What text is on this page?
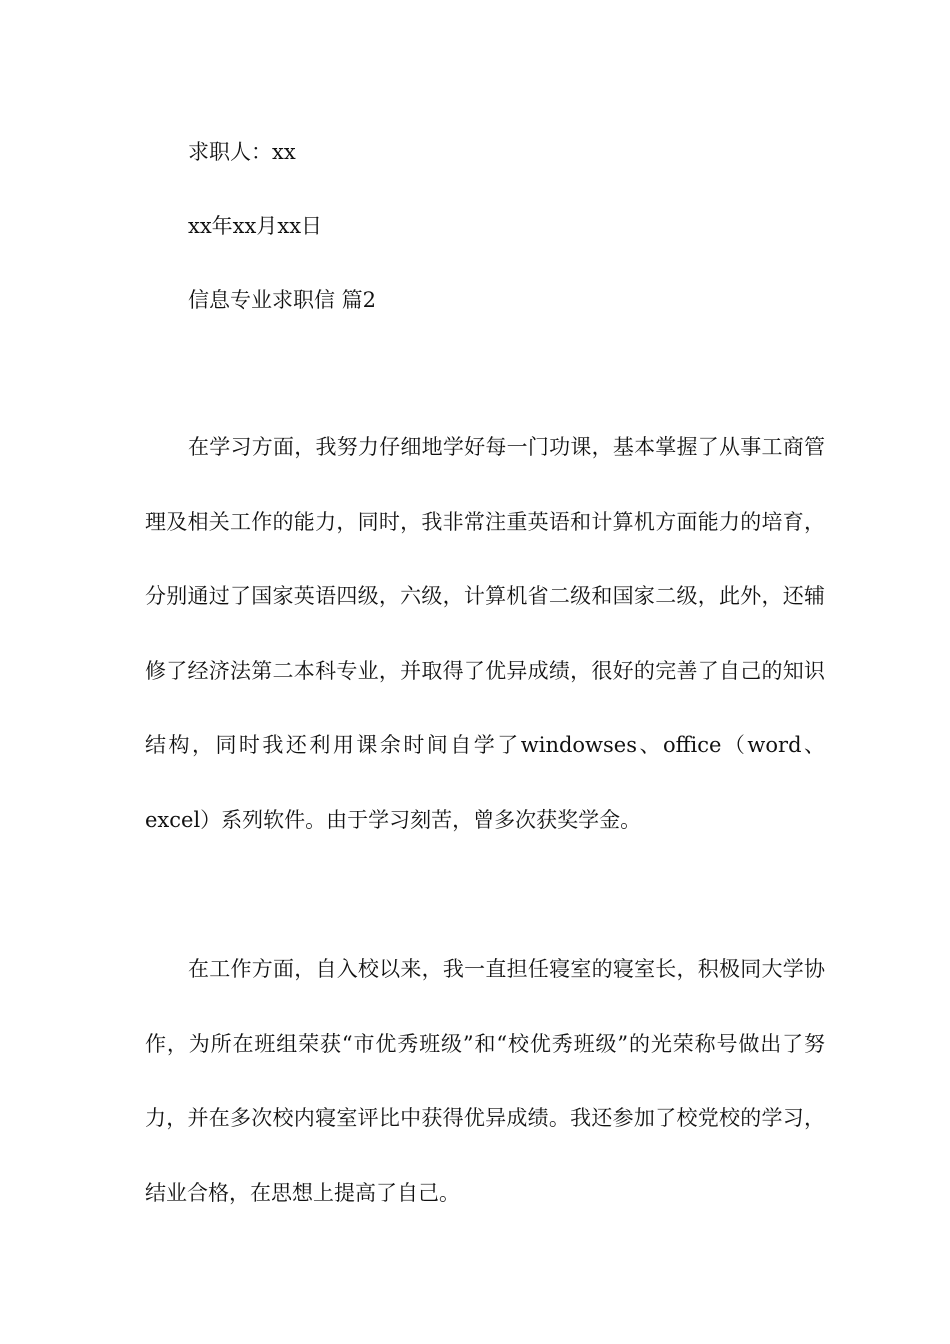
求职人：xx

xx年xx月xx日

信息专业求职信 篇2

在学习方面，我努力仔细地学好每一门功课，基本掌握了从事工商管理及相关工作的能力，同时，我非常注重英语和计算机方面能力的培育，分别通过了国家英语四级，六级，计算机省二级和国家二级，此外，还辅修了经济法第二本科专业，并取得了优异成绩，很好的完善了自己的知识结构，同时我还利用课余时间自学了windowses、office（word、excel）系列软件。由于学习刻苦，曾多次获奖学金。

在工作方面，自入校以来，我一直担任寝室的寝室长，积极同大学协作，为所在班组荣获“市优秀班级”和“校优秀班级”的光荣称号做出了努力，并在多次校内寝室评比中获得优异成绩。我还参加了校党校的学习，结业合格，在思想上提高了自己。
